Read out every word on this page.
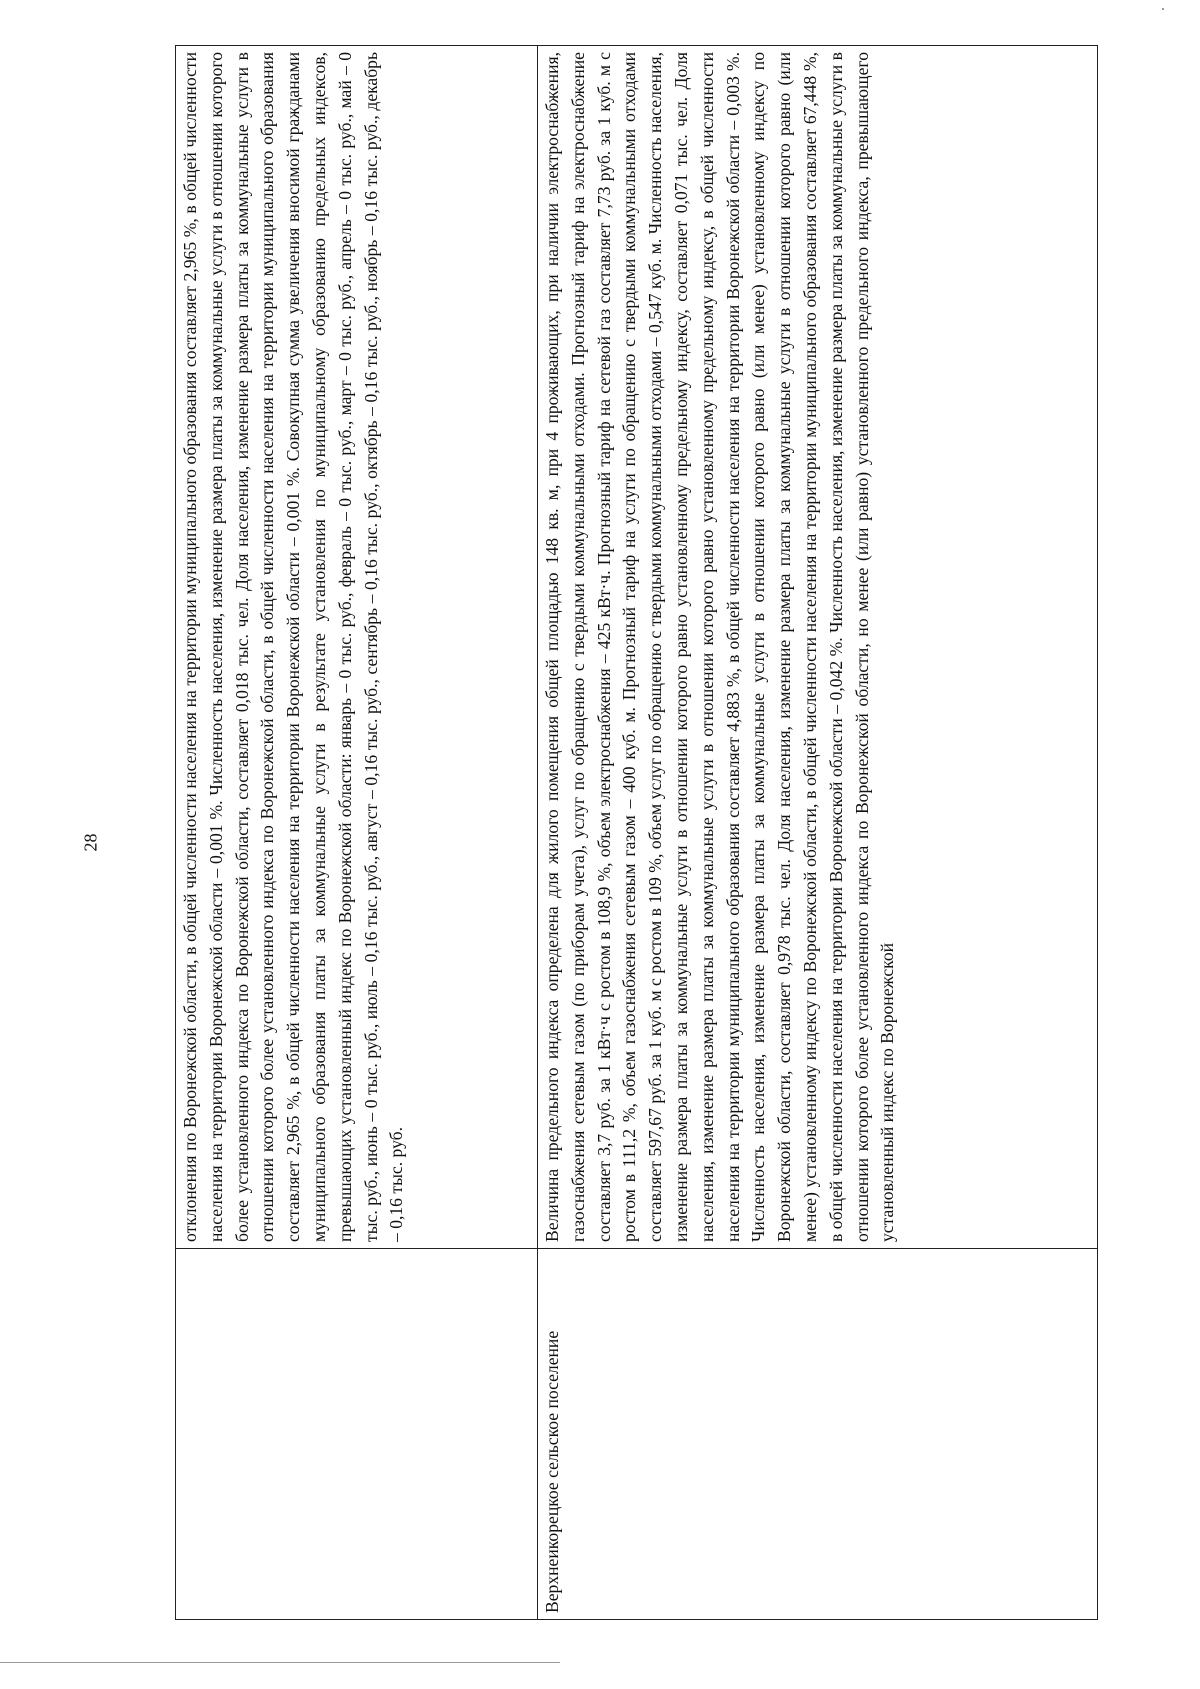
28

	отклонения по Воронежской области, в общей численности населения на территории муниципального образования составляет 2,965 %, в общей численности населения на территории Воронежской области – 0,001 %. Численность населения, изменение размера платы за коммунальные услуги в отношении которого более установленного индекса по Воронежской области, составляет 0,018 тыс. чел. Доля населения, изменение размера платы за коммунальные услуги в отношении которого более установленного индекса по Воронежской области, в общей численности населения на территории муниципального образования составляет 2,965 %, в общей численности населения на территории Воронежской области – 0,001 %. Совокупная сумма увеличения вносимой гражданами муниципального образования платы за коммунальные услуги в результате установления по муниципальному образованию предельных индексов, превышающих установленный индекс по Воронежской области: январь – 0 тыс. руб., февраль – 0 тыс. руб., март – 0 тыс. руб., апрель – 0 тыс. руб., май – 0 тыс. руб., июнь – 0 тыс. руб., июль – 0,16 тыс. руб., август – 0,16 тыс. руб., сентябрь – 0,16 тыс. руб., октябрь – 0,16 тыс. руб., ноябрь – 0,16 тыс. руб., декабрь – 0,16 тыс. руб.

Верхнеикорецкое сельское поселение	Величина предельного индекса определена для жилого помещения общей площадью 148 кв. м, при 4 проживающих, при наличии электроснабжения, газоснабжения сетевым газом (по приборам учета), услуг по обращению с твердыми коммунальными отходами. Прогнозный тариф на электроснабжение составляет 3,7 руб. за 1 кВт·ч с ростом в 108,9 %, объем электроснабжения – 425 кВт·ч. Прогнозный тариф на сетевой газ составляет 7,73 руб. за 1 куб. м с ростом в 111,2 %, объем газоснабжения сетевым газом – 400 куб. м. Прогнозный тариф на услуги по обращению с твердыми коммунальными отходами составляет 597,67 руб. за 1 куб. м с ростом в 109 %, объем услуг по обращению с твердыми коммунальными отходами – 0,547 куб. м. Численность населения, изменение размера платы за коммунальные услуги в отношении которого равно установленному предельному индексу, составляет 0,071 тыс. чел. Доля населения, изменение размера платы за коммунальные услуги в отношении которого равно установленному предельному индексу, в общей численности населения на территории муниципального образования составляет 4,883 %, в общей численности населения на территории Воронежской области – 0,003 %. Численность населения, изменение размера платы за коммунальные услуги в отношении которого равно (или менее) установленному индексу по Воронежской области, составляет 0,978 тыс. чел. Доля населения, изменение размера платы за коммунальные услуги в отношении которого равно (или менее) установленному индексу по Воронежской области, в общей численности населения на территории муниципального образования составляет 67,448 %, в общей численности населения на территории Воронежской области – 0,042 %. Численность населения, изменение размера платы за коммунальные услуги в отношении которого более установленного индекса по Воронежской области, но менее (или равно) установленного предельного индекса, превышающего установленный индекс по Воронежской
